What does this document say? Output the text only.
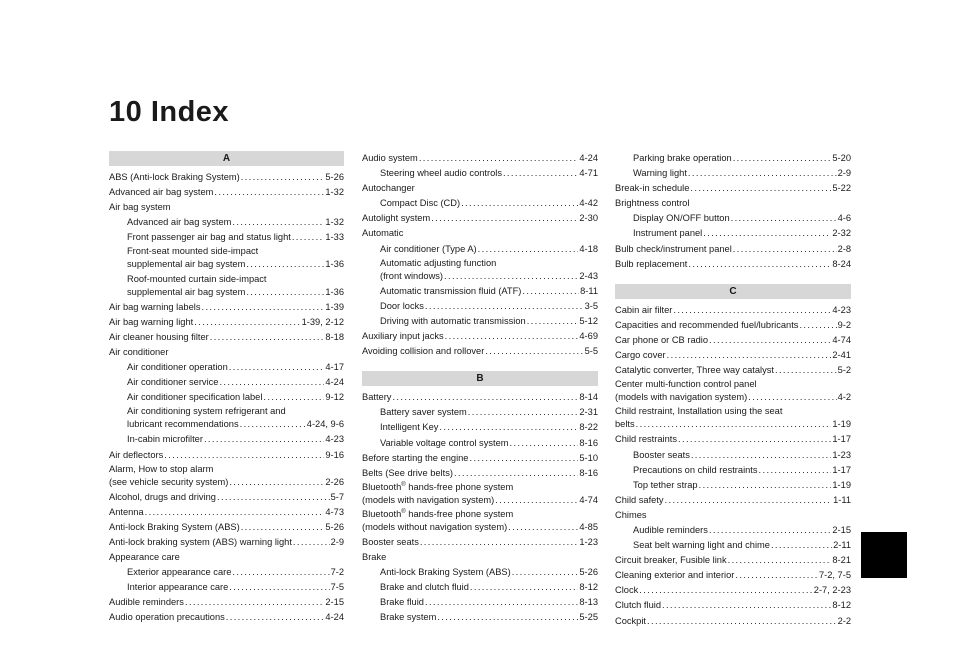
10 Index
A
ABS (Anti-lock Braking System) . . .	5-26
Advanced air bag system . . .	1-32
Air bag system
Advanced air bag system . . .	1-32
Front passenger air bag and status light . . .	1-33
Front-seat mounted side-impact
supplemental air bag system . . .	1-36
Roof-mounted curtain side-impact
supplemental air bag system . . .	1-36
Air bag warning labels . . .	1-39
Air bag warning light . . .	1-39, 2-12
Air cleaner housing filter . . .	8-18
Air conditioner
Air conditioner operation . . .	4-17
Air conditioner service . . .	4-24
Air conditioner specification label . . .	9-12
Air conditioning system refrigerant and
lubricant recommendations . . .	4-24, 9-6
In-cabin microfilter . . .	4-23
Air deflectors . . .	9-16
Alarm, How to stop alarm
(see vehicle security system) . . .	2-26
Alcohol, drugs and driving . . .	5-7
Antenna . . .	4-73
Anti-lock Braking System (ABS) . . .	5-26
Anti-lock braking system (ABS) warning light . . .	2-9
Appearance care
Exterior appearance care . . .	7-2
Interior appearance care . . .	7-5
Audible reminders . . .	2-15
Audio operation precautions . . .	4-24
Audio system . . .	4-24
Steering wheel audio controls . . .	4-71
Autochanger
Compact Disc (CD) . . .	4-42
Autolight system . . .	2-30
Automatic
Air conditioner (Type A) . . .	4-18
Automatic adjusting function
(front windows) . . .	2-43
Automatic transmission fluid (ATF) . . .	8-11
Door locks . . .	3-5
Driving with automatic transmission . . .	5-12
Auxiliary input jacks . . .	4-69
Avoiding collision and rollover . . .	5-5
B
Battery . . .	8-14
Battery saver system . . .	2-31
Intelligent Key . . .	8-22
Variable voltage control system . . .	8-16
Before starting the engine . . .	5-10
Belts (See drive belts) . . .	8-16
Bluetooth® hands-free phone system
(models with navigation system) . . .	4-74
Bluetooth® hands-free phone system
(models without navigation system) . . .	4-85
Booster seats . . .	1-23
Brake
Anti-lock Braking System (ABS) . . .	5-26
Brake and clutch fluid . . .	8-12
Brake fluid . . .	8-13
Brake system . . .	5-25
Parking brake operation . . .	5-20
Warning light . . .	2-9
Break-in schedule . . .	5-22
Brightness control
Display ON/OFF button . . .	4-6
Instrument panel . . .	2-32
Bulb check/instrument panel . . .	2-8
Bulb replacement . . .	8-24
C
Cabin air filter . . .	4-23
Capacities and recommended fuel/lubricants . . .	9-2
Car phone or CB radio . . .	4-74
Cargo cover . . .	2-41
Catalytic converter, Three way catalyst . . .	5-2
Center multi-function control panel
(models with navigation system) . . .	4-2
Child restraint, Installation using the seat
belts . . .	1-19
Child restraints . . .	1-17
Booster seats . . .	1-23
Precautions on child restraints . . .	1-17
Top tether strap . . .	1-19
Child safety . . .	1-11
Chimes
Audible reminders . . .	2-15
Seat belt warning light and chime . . .	2-11
Circuit breaker, Fusible link . . .	8-21
Cleaning exterior and interior . . .	7-2, 7-5
Clock . . .	2-7, 2-23
Clutch fluid . . .	8-12
Cockpit . . .	2-2
